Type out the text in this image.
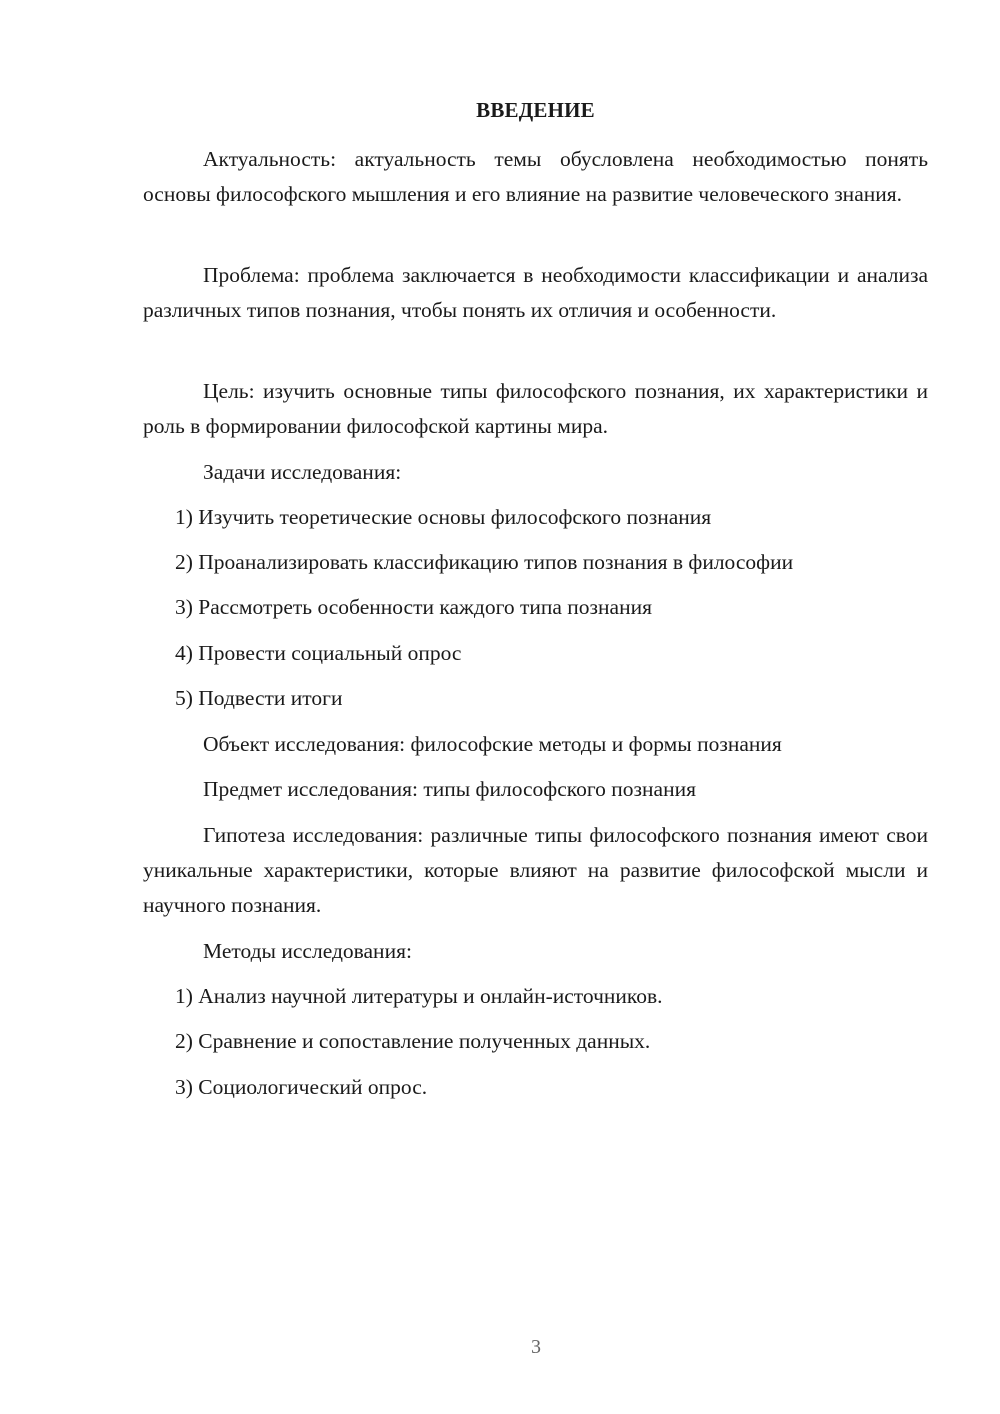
ВВЕДЕНИЕ

Актуальность: актуальность темы обусловлена необходимостью понять основы философского мышления и его влияние на развитие человеческого знания.

Проблема: проблема заключается в необходимости классификации и анализа различных типов познания, чтобы понять их отличия и особенности.

Цель: изучить основные типы философского познания, их характеристики и роль в формировании философской картины мира.

Задачи исследования:

1) Изучить теоретические основы философского познания

2) Проанализировать классификацию типов познания в философии

3) Рассмотреть особенности каждого типа познания

4) Провести социальный опрос

5) Подвести итоги

Объект исследования: философские методы и формы познания

Предмет исследования: типы философского познания

Гипотеза исследования: различные типы философского познания имеют свои уникальные характеристики, которые влияют на развитие философской мысли и научного познания.

Методы исследования:

1) Анализ научной литературы и онлайн-источников.

2) Сравнение и сопоставление полученных данных.

3) Социологический опрос.

3
